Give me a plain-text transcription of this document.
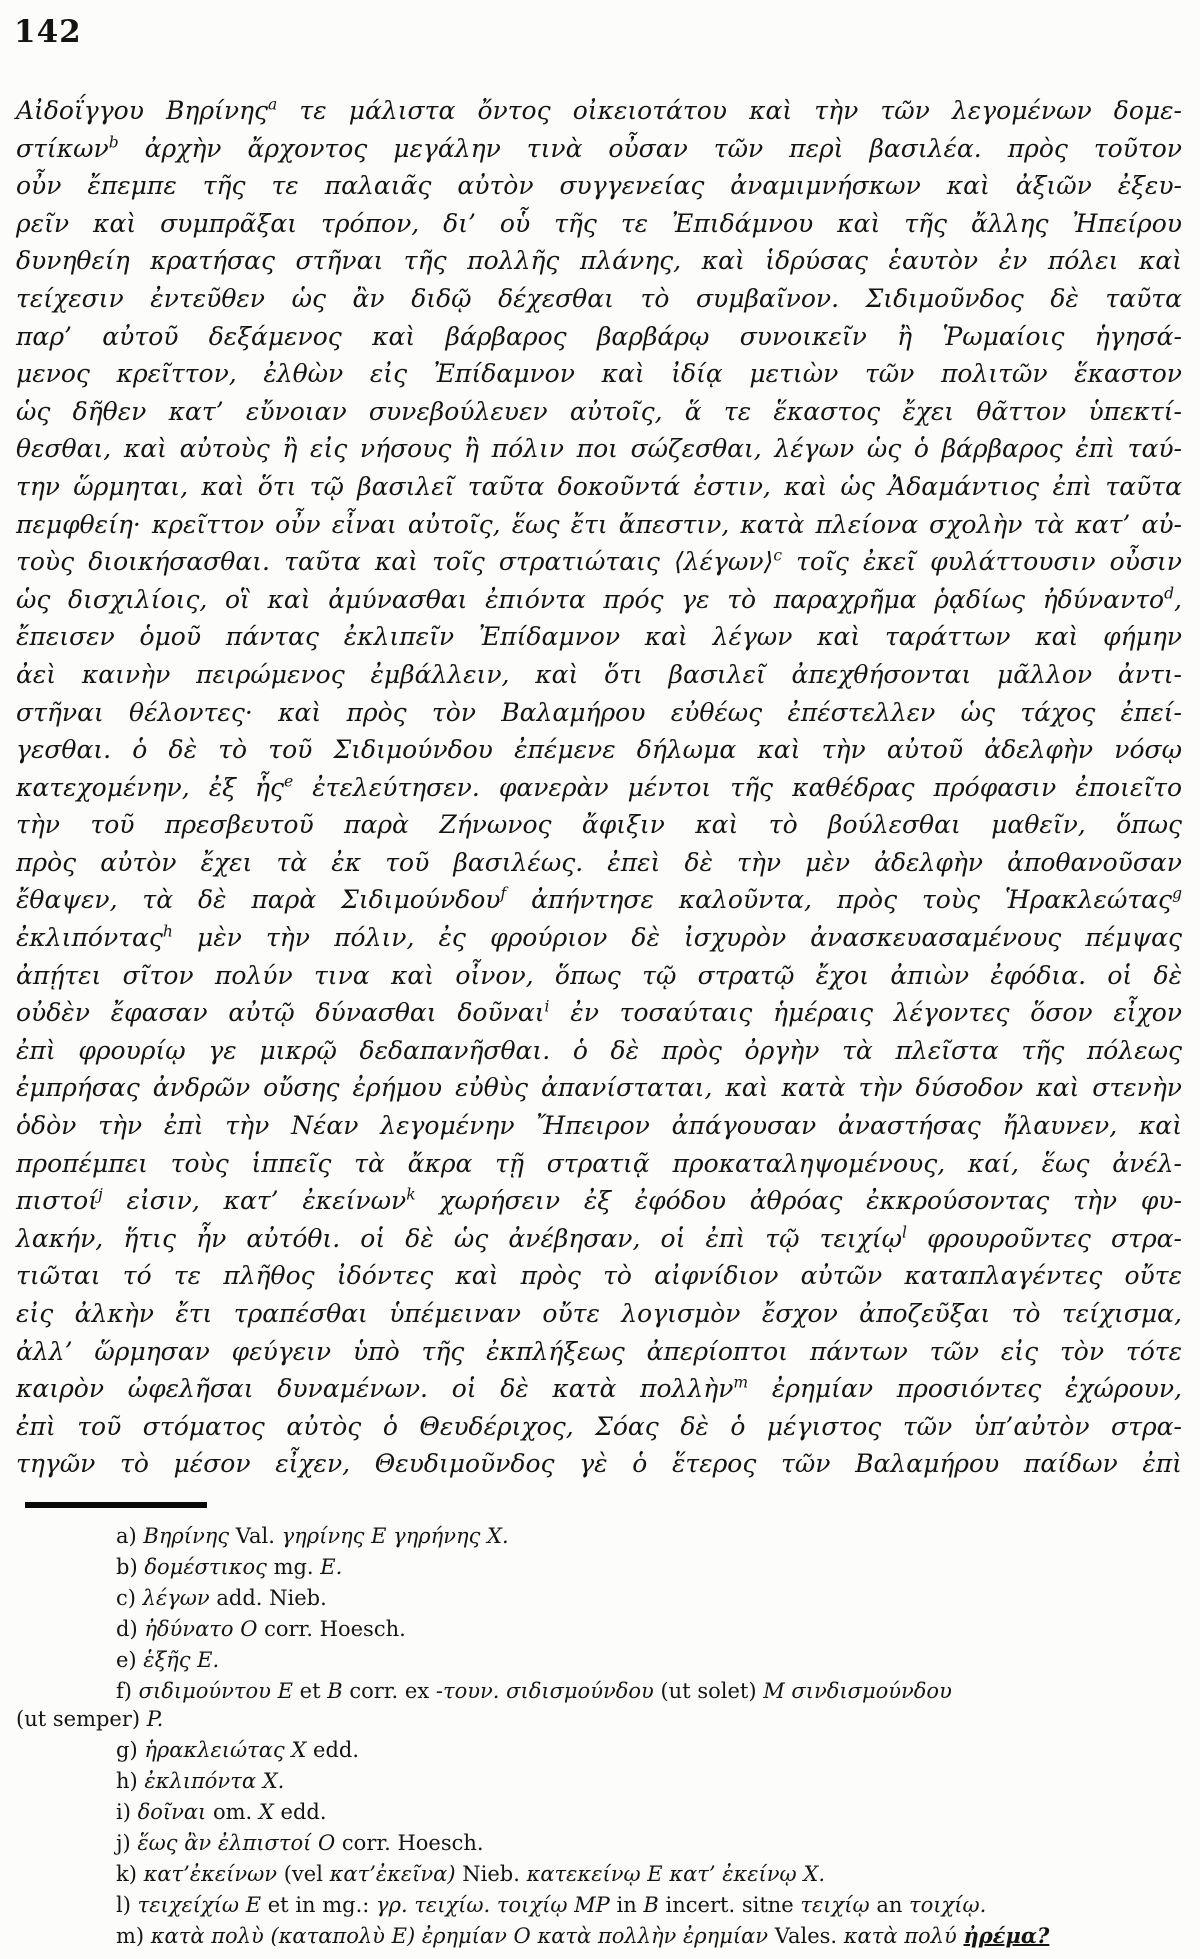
142
Αἰδοΐγγου Βηρίνης$^a$ τε μάλιστα ὄντος οἰκειοτάτου καὶ τὴν τῶν λεγομένων δομε-
στίκων$^b$ ἀρχὴν ἄρχοντος μεγάλην τινὰ οὖσαν τῶν περὶ βασιλέα. πρὸς τοῦτον
οὖν ἔπεμπε τῆς τε παλαιᾶς αὐτὸν συγγενείας ἀναμιμνήσκων καὶ ἀξιῶν ἐξευ-
ρεῖν καὶ συμπρᾶξαι τρόπον, δι’ οὗ τῆς τε Ἐπιδάμνου καὶ τῆς ἄλλης Ἠπείρου
δυνηθείη κρατήσας στῆναι τῆς πολλῆς πλάνης, καὶ ἱδρύσας ἑαυτὸν ἐν πόλει καὶ
τείχεσιν ἐντεῦθεν ὡς ἂν διδῷ δέχεσθαι τὸ συμβαῖνον. Σιδιμοῦνδος δὲ ταῦτα
παρ’ αὐτοῦ δεξάμενος καὶ βάρβαρος βαρβάρῳ συνοικεῖν ἢ Ῥωμαίοις ἡγησά-
μενος κρεῖττον, ἐλθὼν εἰς Ἐπίδαμνον καὶ ἰδίᾳ μετιὼν τῶν πολιτῶν ἕκαστον
ὡς δῆθεν κατ’ εὔνοιαν συνεβούλευεν αὐτοῖς, ἅ τε ἕκαστος ἔχει θᾶττον ὑπεκτί-
θεσθαι, καὶ αὐτοὺς ἢ εἰς νήσους ἢ πόλιν ποι σώζεσθαι, λέγων ὡς ὁ βάρβαρος ἐπὶ ταύ-
την ὥρμηται, καὶ ὅτι τῷ βασιλεῖ ταῦτα δοκοῦντά ἐστιν, καὶ ὡς Ἀδαμάντιος ἐπὶ ταῦτα
πεμφθείη· κρεῖττον οὖν εἶναι αὐτοῖς, ἕως ἔτι ἄπεστιν, κατὰ πλείονα σχολὴν τὰ κατ’ αὐ-
τοὺς διοικήσασθαι. ταῦτα καὶ τοῖς στρατιώταις ⟨λέγων⟩$^c$ τοῖς ἐκεῖ φυλάττουσιν οὖσιν
ὡς δισχιλίοις, οἳ καὶ ἀμύνασθαι ἐπιόντα πρός γε τὸ παραχρῆμα ῥᾳδίως ἠδύναντο$^d$,
ἔπεισεν ὁμοῦ πάντας ἐκλιπεῖν Ἐπίδαμνον καὶ λέγων καὶ ταράττων καὶ φήμην
ἀεὶ καινὴν πειρώμενος ἐμβάλλειν, καὶ ὅτι βασιλεῖ ἀπεχθήσονται μᾶλλον ἀντι-
στῆναι θέλοντες· καὶ πρὸς τὸν Βαλαμήρου εὐθέως ἐπέστελλεν ὡς τάχος ἐπεί-
γεσθαι. ὁ δὲ τὸ τοῦ Σιδιμούνδου ἐπέμενε δήλωμα καὶ τὴν αὐτοῦ ἀδελφὴν νόσῳ
κατεχομένην, ἐξ ἧς$^e$ ἐτελεύτησεν. φανερὰν μέντοι τῆς καθέδρας πρόφασιν ἐποιεῖτο
τὴν τοῦ πρεσβευτοῦ παρὰ Ζήνωνος ἄφιξιν καὶ τὸ βούλεσθαι μαθεῖν, ὅπως
πρὸς αὐτὸν ἔχει τὰ ἐκ τοῦ βασιλέως. ἐπεὶ δὲ τὴν μὲν ἀδελφὴν ἀποθανοῦσαν
ἔθαψεν, τὰ δὲ παρὰ Σιδιμούνδου$^f$ ἀπήντησε καλοῦντα, πρὸς τοὺς Ἡρακλεώτας$^g$
ἐκλιπόντας$^h$ μὲν τὴν πόλιν, ἐς φρούριον δὲ ἰσχυρὸν ἀνασκευασαμένους πέμψας
ἀπῄτει σῖτον πολύν τινα καὶ οἶνον, ὅπως τῷ στρατῷ ἔχοι ἀπιὼν ἐφόδια. οἱ δὲ
οὐδὲν ἔφασαν αὐτῷ δύνασθαι δοῦναι$^i$ ἐν τοσαύταις ἡμέραις λέγοντες ὅσον εἶχον
ἐπὶ φρουρίῳ γε μικρῷ δεδαπανῆσθαι. ὁ δὲ πρὸς ὀργὴν τὰ πλεῖστα τῆς πόλεως
ἐμπρήσας ἀνδρῶν οὔσης ἐρήμου εὐθὺς ἀπανίσταται, καὶ κατὰ τὴν δύσοδον καὶ στενὴν
ὁδὸν τὴν ἐπὶ τὴν Νέαν λεγομένην Ἤπειρον ἀπάγουσαν ἀναστήσας ἤλαυνεν, καὶ
προπέμπει τοὺς ἱππεῖς τὰ ἄκρα τῇ στρατιᾷ προκαταληψομένους, καί, ἕως ἀνέλ-
πιστοί$^j$ εἰσιν, κατ’ ἐκείνων$^k$ χωρήσειν ἐξ ἐφόδου ἀθρόας ἐκκρούσοντας τὴν φυ-
λακήν, ἥτις ἦν αὐτόθι. οἱ δὲ ὡς ἀνέβησαν, οἱ ἐπὶ τῷ τειχίῳ$^l$ φρουροῦντες στρα-
τιῶται τό τε πλῆθος ἰδόντες καὶ πρὸς τὸ αἰφνίδιον αὐτῶν καταπλαγέντες οὔτε
εἰς ἀλκὴν ἔτι τραπέσθαι ὑπέμειναν οὔτε λογισμὸν ἔσχον ἀποζεῦξαι τὸ τείχισμα,
ἀλλ’ ὥρμησαν φεύγειν ὑπὸ τῆς ἐκπλήξεως ἀπερίοπτοι πάντων τῶν εἰς τὸν τότε
καιρὸν ὠφελῆσαι δυναμένων. οἱ δὲ κατὰ πολλὴν$^m$ ἐρημίαν προσιόντες ἐχώρουν,
ἐπὶ τοῦ στόματος αὐτὸς ὁ Θευδέριχος, Σόας δὲ ὁ μέγιστος τῶν ὑπ’αὐτὸν στρα-
τηγῶν τὸ μέσον εἶχεν, Θευδιμοῦνδος γὲ ὁ ἕτερος τῶν Βαλαμήρου παίδων ἐπὶ
a) Βηρίνης Val. γηρίνης E γηρήνης X.
b) δομέστικος mg. E.
c) λέγων add. Nieb.
d) ἠδύνατο O corr. Hoesch.
e) ἑξῆς E.
f) σιδιμούντου E et B corr. ex -τουν. σιδισμούνδου (ut solet) M σινδισμούνδου
(ut semper) P.
g) ἡρακλειώτας X edd.
h) ἐκλιπόντα X.
i) δοῖναι om. X edd.
j) ἕως ἂν ἐλπιστοί O corr. Hoesch.
k) κατ’ἐκείνων (vel κατ’ἐκεῖνα) Nieb. κατεκείνῳ E κατ’ ἐκείνῳ X.
l) τειχείχίω E et in mg.: γρ. τειχίω. τοιχίῳ MP in B incert. sitne τειχίῳ an τοιχίῳ.
m) κατὰ πολὺ (καταπολὺ E) ἐρημίαν O κατὰ πολλὴν ἐρημίαν Vales. κατὰ πολύ ἠρέμα?
